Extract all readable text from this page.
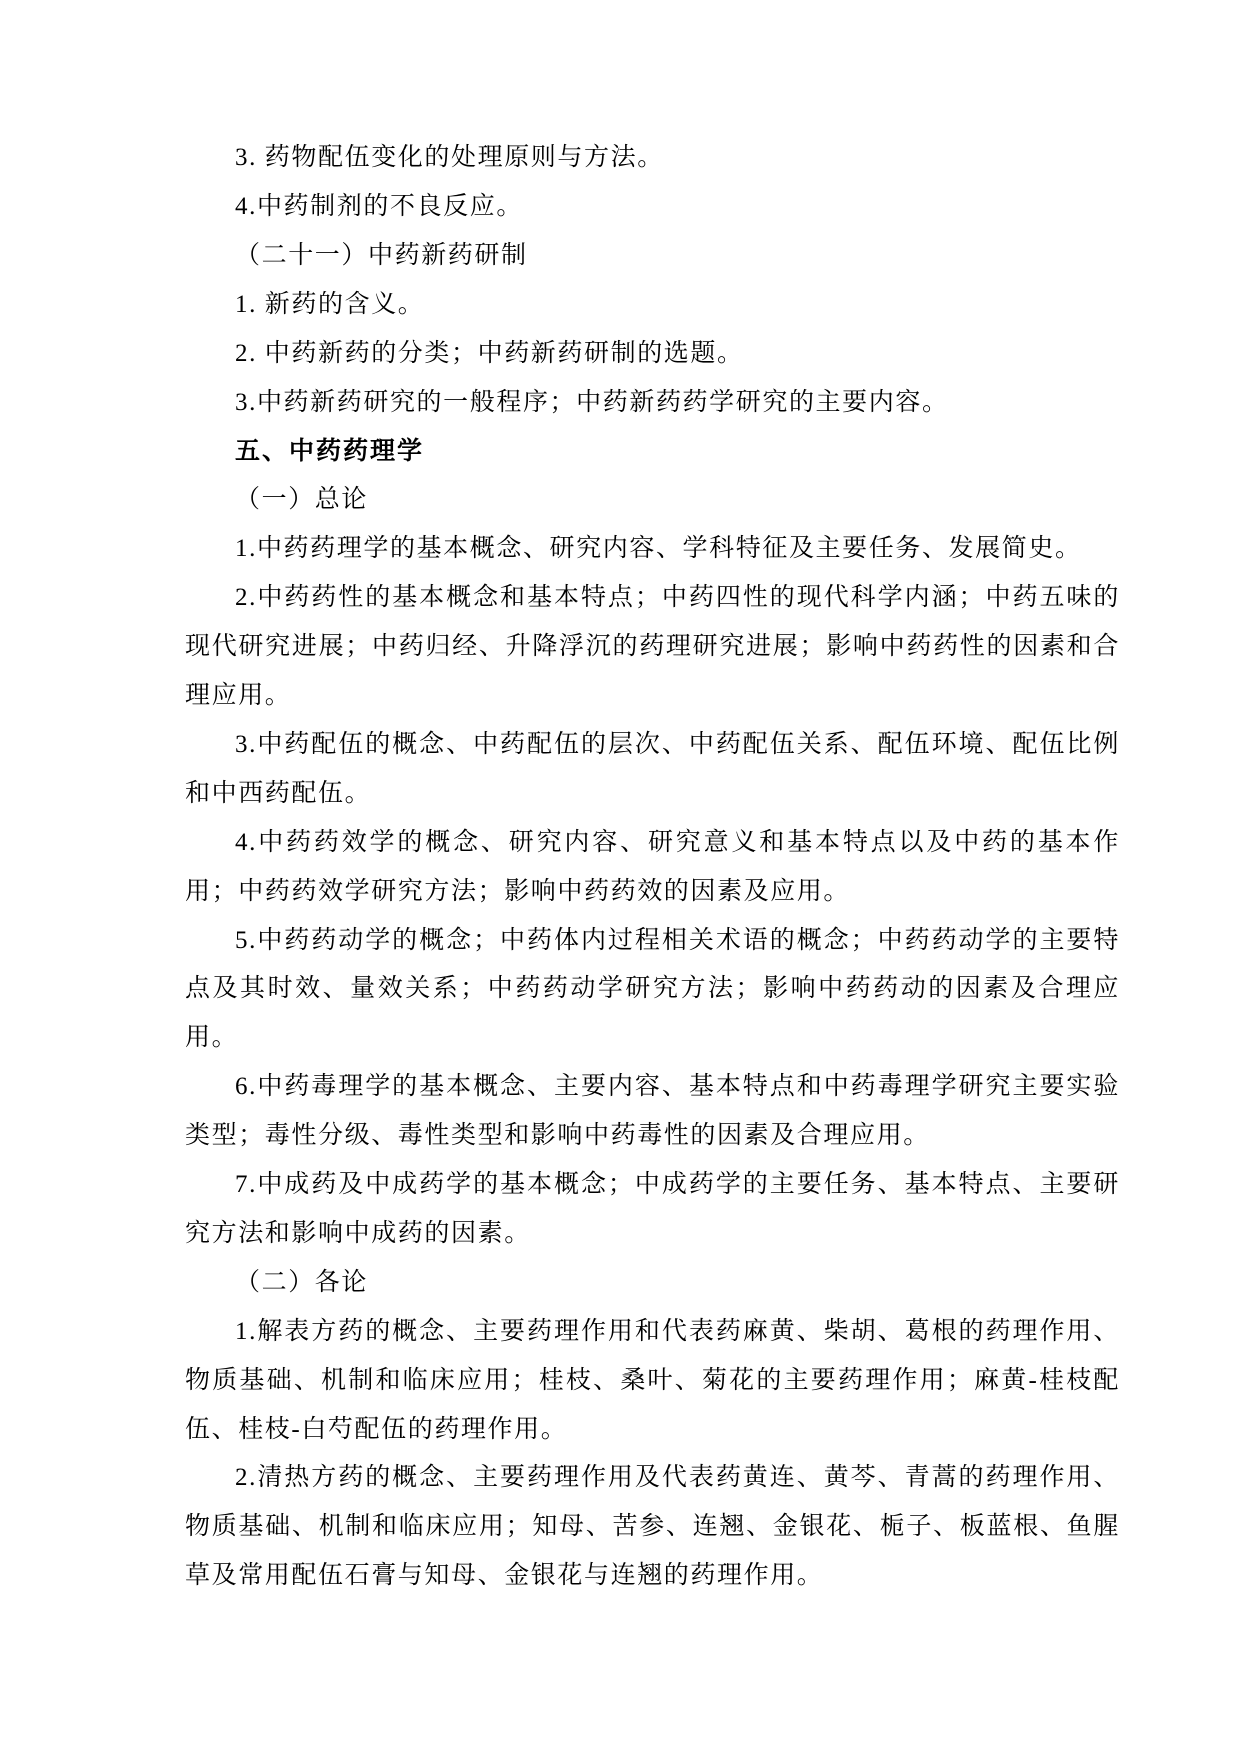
3. 药物配伍变化的处理原则与方法。

4.中药制剂的不良反应。

（二十一）中药新药研制

1. 新药的含义。

2. 中药新药的分类；中药新药研制的选题。

3.中药新药研究的一般程序；中药新药药学研究的主要内容。

五、中药药理学

（一）总论

1.中药药理学的基本概念、研究内容、学科特征及主要任务、发展简史。

2.中药药性的基本概念和基本特点；中药四性的现代科学内涵；中药五味的现代研究进展；中药归经、升降浮沉的药理研究进展；影响中药药性的因素和合理应用。

3.中药配伍的概念、中药配伍的层次、中药配伍关系、配伍环境、配伍比例和中西药配伍。

4.中药药效学的概念、研究内容、研究意义和基本特点以及中药的基本作用；中药药效学研究方法；影响中药药效的因素及应用。

5.中药药动学的概念；中药体内过程相关术语的概念；中药药动学的主要特点及其时效、量效关系；中药药动学研究方法；影响中药药动的因素及合理应用。

6.中药毒理学的基本概念、主要内容、基本特点和中药毒理学研究主要实验类型；毒性分级、毒性类型和影响中药毒性的因素及合理应用。

7.中成药及中成药学的基本概念；中成药学的主要任务、基本特点、主要研究方法和影响中成药的因素。

（二）各论

1.解表方药的概念、主要药理作用和代表药麻黄、柴胡、葛根的药理作用、物质基础、机制和临床应用；桂枝、桑叶、菊花的主要药理作用；麻黄-桂枝配伍、桂枝-白芍配伍的药理作用。

2.清热方药的概念、主要药理作用及代表药黄连、黄芩、青蒿的药理作用、物质基础、机制和临床应用；知母、苦参、连翘、金银花、栀子、板蓝根、鱼腥草及常用配伍石膏与知母、金银花与连翘的药理作用。
